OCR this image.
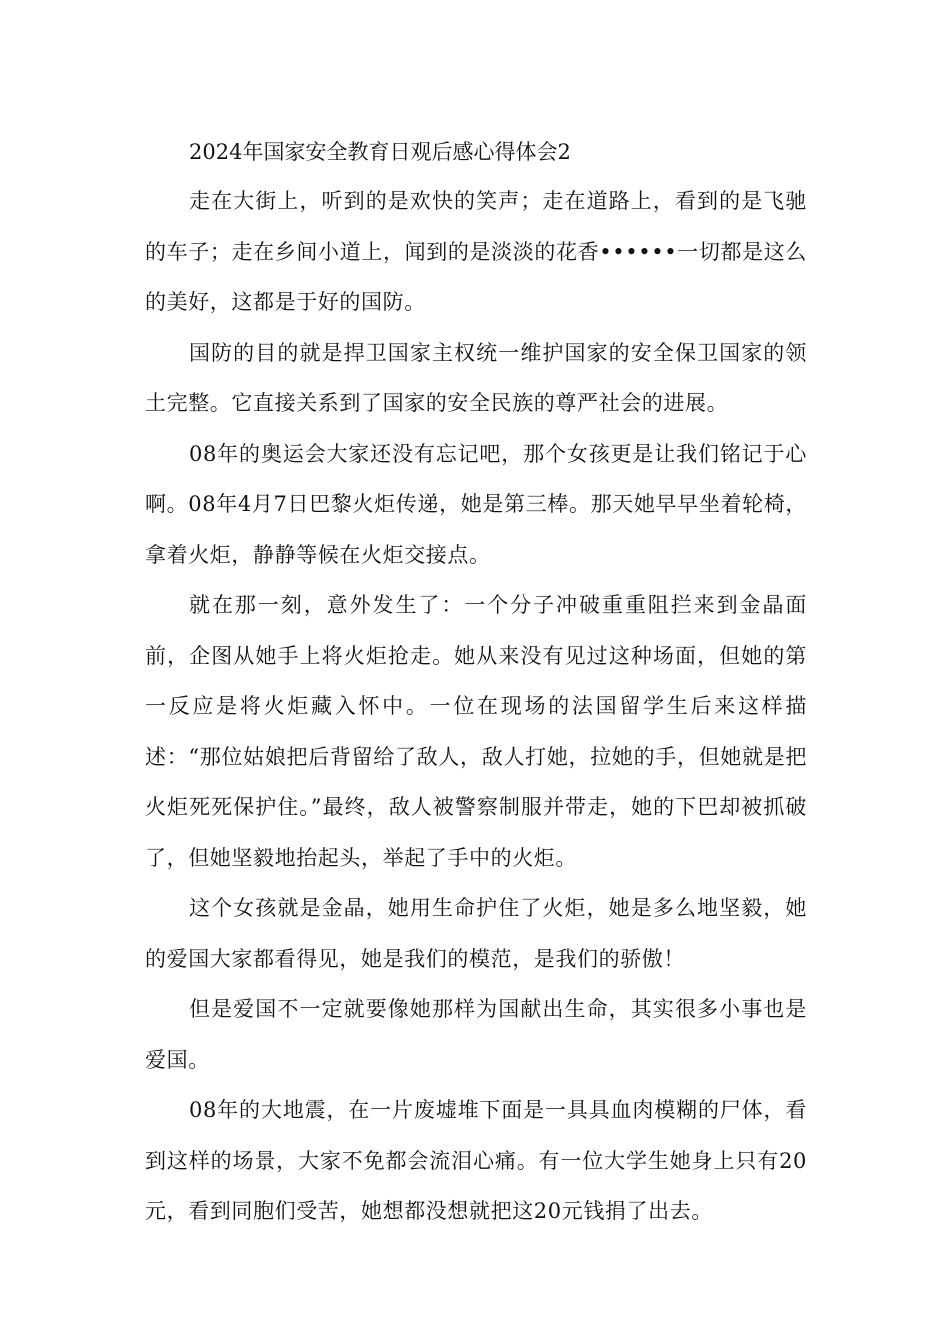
2024年国家安全教育日观后感心得体会2

走在大街上，听到的是欢快的笑声；走在道路上，看到的是飞驰的车子；走在乡间小道上，闻到的是淡淡的花香••••••一切都是这么的美好，这都是于好的国防。

国防的目的就是捍卫国家主权统一维护国家的安全保卫国家的领土完整。它直接关系到了国家的安全民族的尊严社会的进展。

08年的奥运会大家还没有忘记吧，那个女孩更是让我们铭记于心啊。08年4月7日巴黎火炬传递，她是第三棒。那天她早早坐着轮椅，拿着火炬，静静等候在火炬交接点。

就在那一刻，意外发生了：一个分子冲破重重阻拦来到金晶面前，企图从她手上将火炬抢走。她从来没有见过这种场面，但她的第一反应是将火炬藏入怀中。一位在现场的法国留学生后来这样描述：“那位姑娘把后背留给了敌人，敌人打她，拉她的手，但她就是把火炬死死保护住。”最终，敌人被警察制服并带走，她的下巴却被抓破了，但她坚毅地抬起头，举起了手中的火炬。

这个女孩就是金晶，她用生命护住了火炬，她是多么地坚毅，她的爱国大家都看得见，她是我们的模范，是我们的骄傲！

但是爱国不一定就要像她那样为国献出生命，其实很多小事也是爱国。

08年的大地震，在一片废墟堆下面是一具具血肉模糊的尸体，看到这样的场景，大家不免都会流泪心痛。有一位大学生她身上只有20元，看到同胞们受苦，她想都没想就把这20元钱捐了出去。
